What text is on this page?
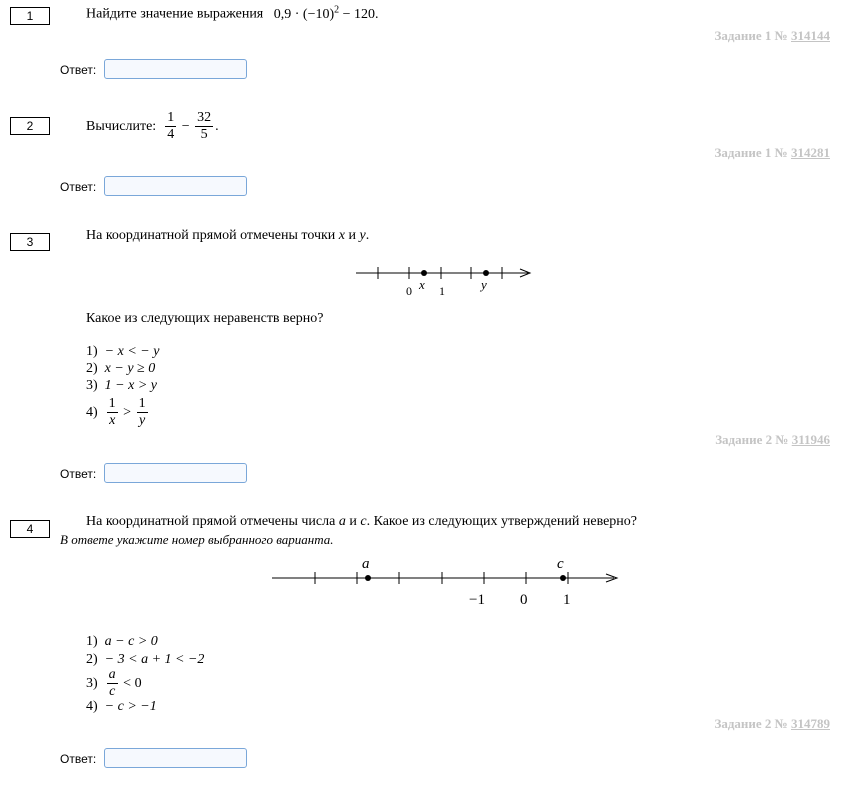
1	Найдите значение выражения $0,9 \cdot (-10)^2 - 120$.
Задание 1 № 314144
Ответ:
2	Вычислите: $\frac{1}{4} - \frac{32}{5}$ .
Задание 1 № 314281
Ответ:
3	На координатной прямой отмечены точки x и y.
0 x 1	y
Какое из следующих неравенств верно?
1) − x < − y
2) x − y ≥ 0
3) 1 − x > y
$4) \frac{1}{x} > \frac{1}{y}$
Задание 2 № 311946
Ответ:
4	На координатной прямой отмечены числа a и c. Какое из следующих утверждений неверно?
В ответе укажите номер выбранного варианта.
a	c
−1 0 1
1) a − c > 0
2) − 3 < a + 1 < −2
$3) \frac{a}{c} < 0$
4) − c > −1
Задание 2 № 314789
Ответ:
